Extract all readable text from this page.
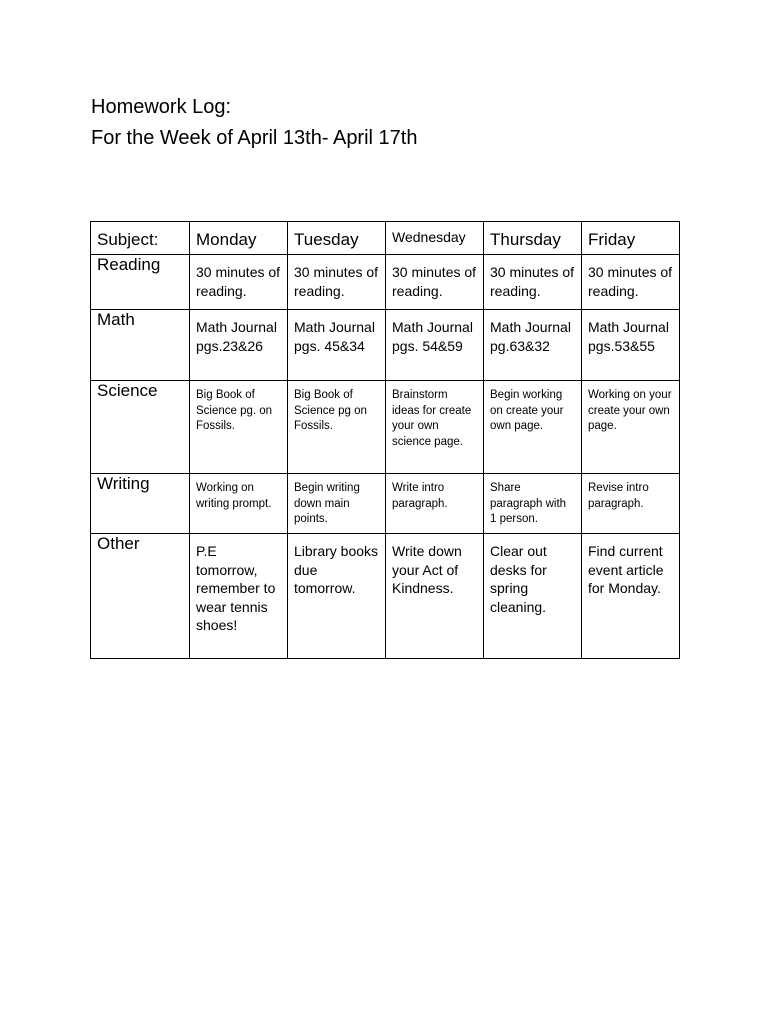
Homework Log:
For the Week of April 13th- April 17th
Subject:	Monday	Tuesday	Wednesday	Thursday	Friday
Reading	30 minutes of reading.	30 minutes of reading.	30 minutes of reading.	30 minutes of reading.	30 minutes of reading.

Math	Math Journal pgs.23&26	Math Journal pgs. 45&34	Math Journal pgs. 54&59	Math Journal pg.63&32	Math Journal pgs.53&55

Science	Big Book of Science pg. on Fossils.	Big Book of Science pg on Fossils.	Brainstorm ideas for create your own science page.	Begin working on create your own page.	Working on your create your own page.

Writing	Working on writing prompt.	Begin writing down main points.	Write intro paragraph.	Share paragraph with 1 person.	Revise intro paragraph.

Other	P.E tomorrow, remember to wear tennis shoes!	Library books due tomorrow.	Write down your Act of Kindness.	Clear out desks for spring cleaning.	Find current event article for Monday.
